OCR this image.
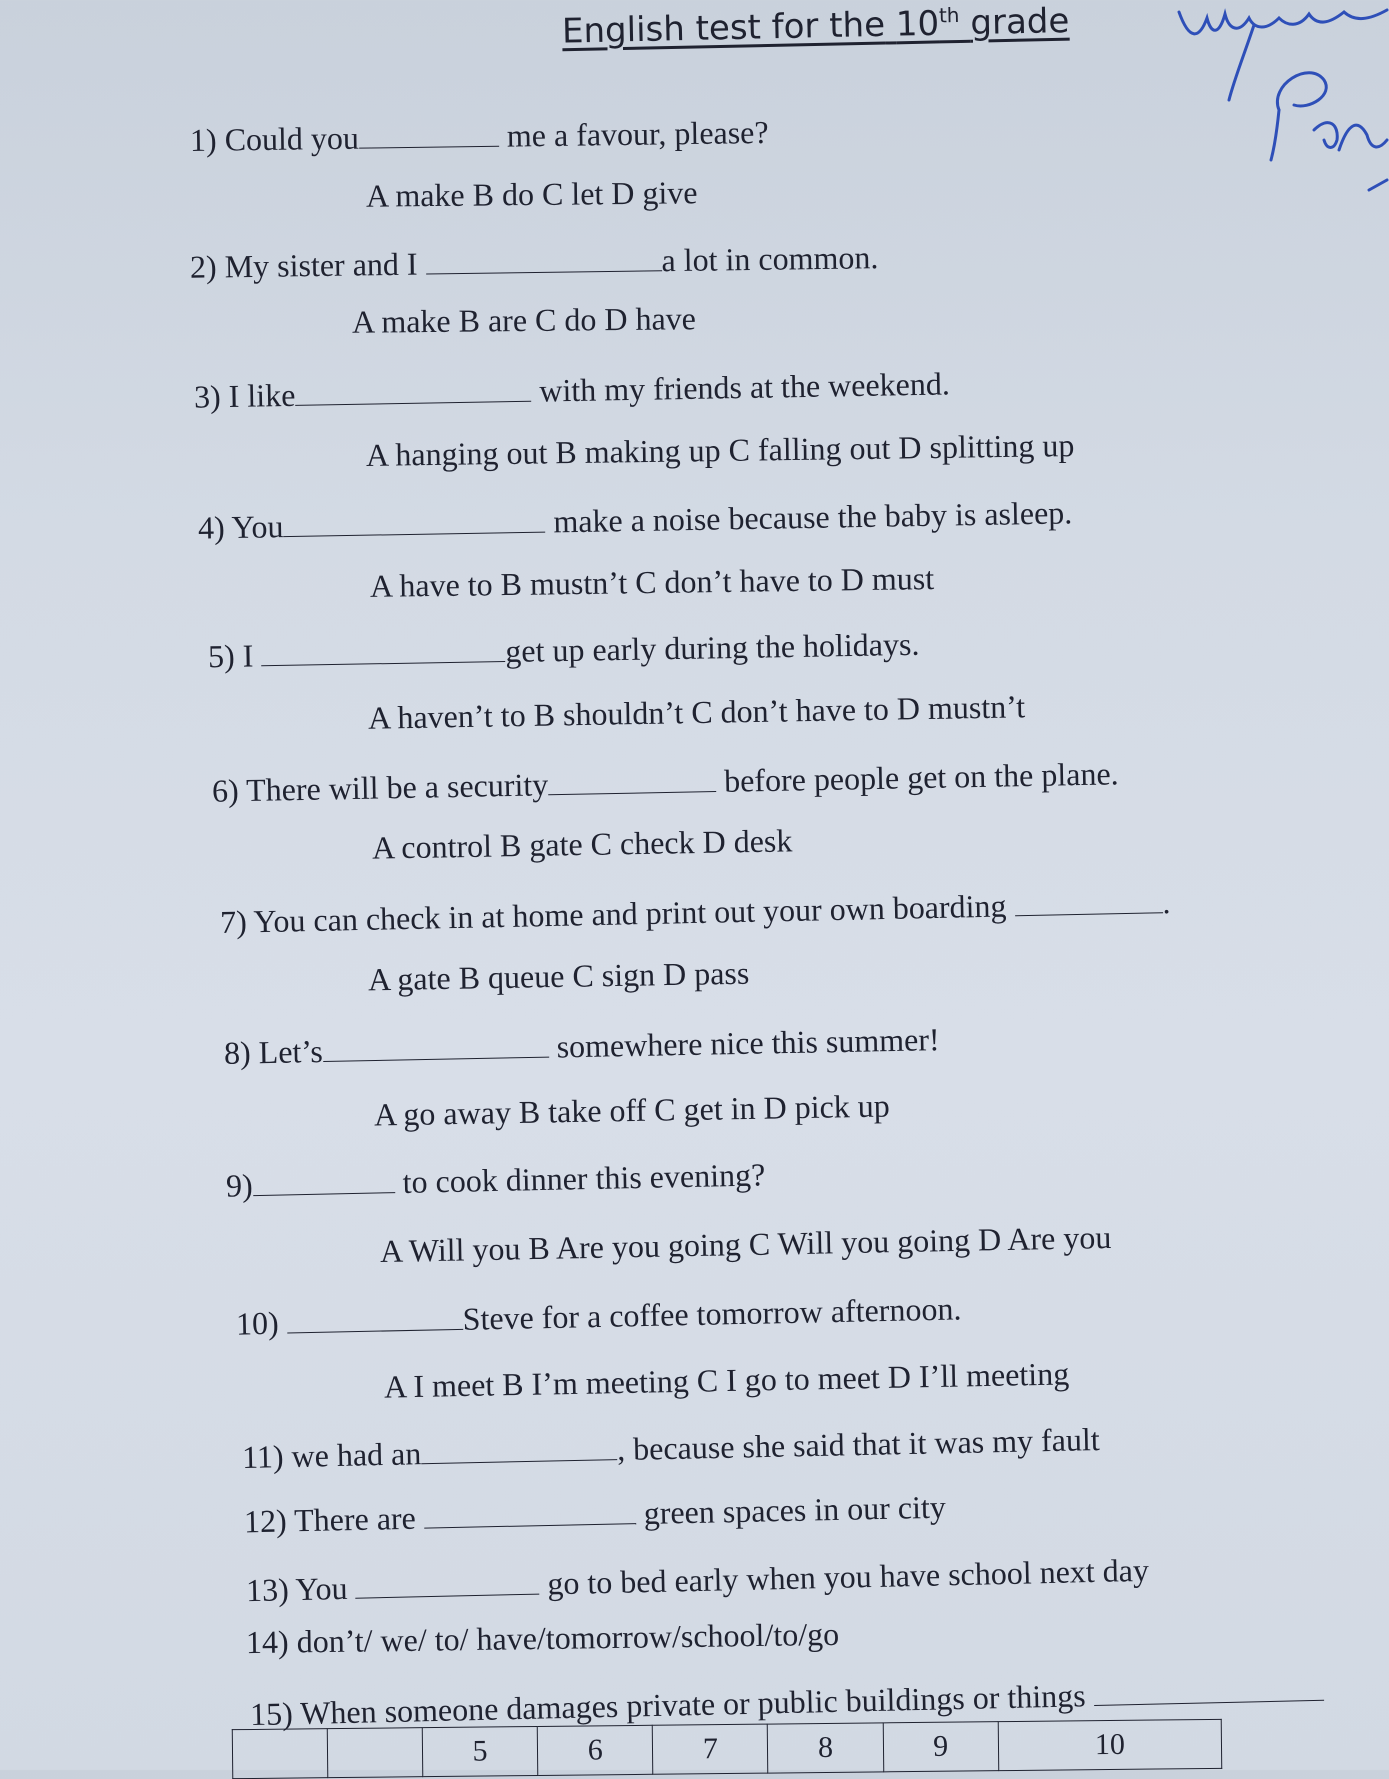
English test for the 10th grade
1) Could you	me a favour, please?
A make B do C let D give
2) My sister and I	a lot in common.
A make B are C do D have
3) I like	with my friends at the weekend.
A hanging out B making up C falling out D splitting up
4) You	make a noise because the baby is asleep.
A have to B mustn’t C don’t have to D must
5) I	get up early during the holidays.
A haven’t to B shouldn’t C don’t have to D mustn’t
6) There will be a security	before people get on the plane.
A control B gate C check D desk
7) You can check in at home and print out your own boarding	.
A gate B queue C sign D pass
8) Let’s	somewhere nice this summer!
A go away B take off C get in D pick up
9)	to cook dinner this evening?
A Will you B Are you going C Will you going D Are you
10)	Steve for a coffee tomorrow afternoon.
A I meet B I’m meeting C I go to meet D I’ll meeting
11) we had an	, because she said that it was my fault
12) There are	green spaces in our city
13) You	go to bed early when you have school next day
14) don’t/ we/ to/ have/tomorrow/school/to/go
15) When someone damages private or public buildings or things
		5	6	7	8	9	10
